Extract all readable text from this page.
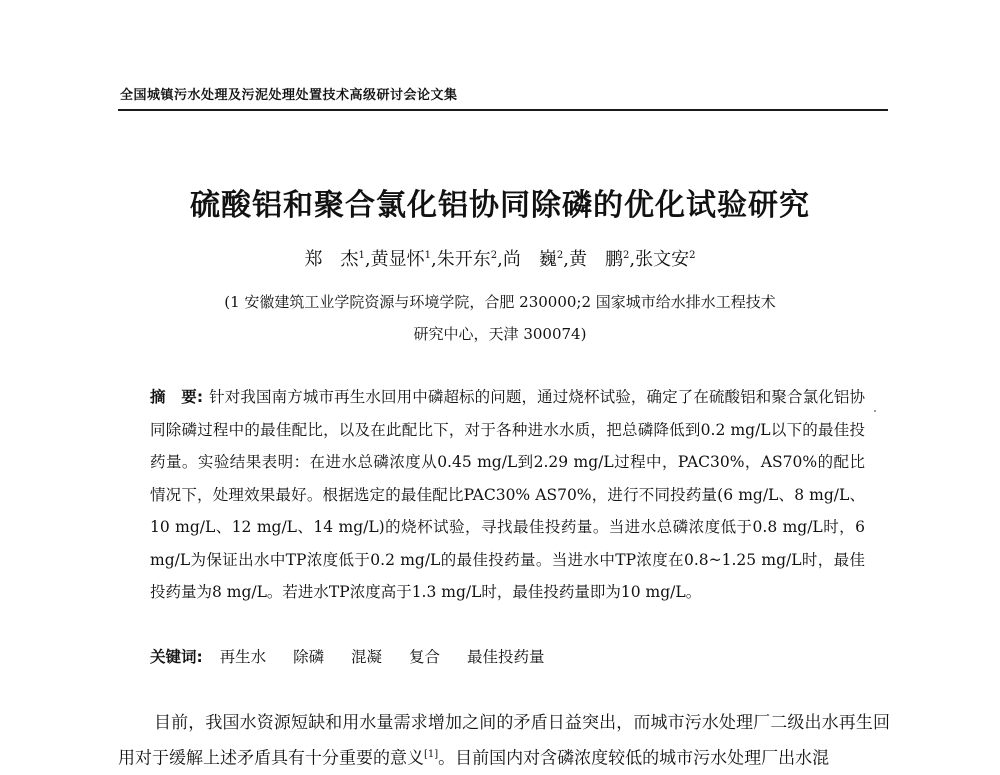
全国城镇污水处理及污泥处理处置技术高级研讨会论文集
硫酸铝和聚合氯化铝协同除磷的优化试验研究
郑　杰$^1$,黄显怀$^1$,朱开东$^2$,尚　巍$^2$,黄　鹏$^2$,张文安$^2$
(1 安徽建筑工业学院资源与环境学院，合肥 230000;2 国家城市给水排水工程技术
研究中心，天津 300074)
摘　要: 针对我国南方城市再生水回用中磷超标的问题，通过烧杯试验，确定了在硫酸铝和聚合氯化铝协同除磷过程中的最佳配比，以及在此配比下，对于各种进水水质，把总磷降低到0.2 mg/L以下的最佳投药量。实验结果表明：在进水总磷浓度从0.45 mg/L到2.29 mg/L过程中，PAC30%，AS70%的配比情况下，处理效果最好。根据选定的最佳配比PAC30% AS70%，进行不同投药量(6 mg/L、8 mg/L、10 mg/L、12 mg/L、14 mg/L)的烧杯试验，寻找最佳投药量。当进水总磷浓度低于0.8 mg/L时，6 mg/L为保证出水中TP浓度低于0.2 mg/L的最佳投药量。当进水中TP浓度在0.8~1.25 mg/L时，最佳投药量为8 mg/L。若进水TP浓度高于1.3 mg/L时，最佳投药量即为10 mg/L。
关键词: 再生水 除磷 混凝 复合 最佳投药量
目前，我国水资源短缺和用水量需求增加之间的矛盾日益突出，而城市污水处理厂二级出水再生回用对于缓解上述矛盾具有十分重要的意义[1]。目前国内对含磷浓度较低的城市污水处理厂出水混
